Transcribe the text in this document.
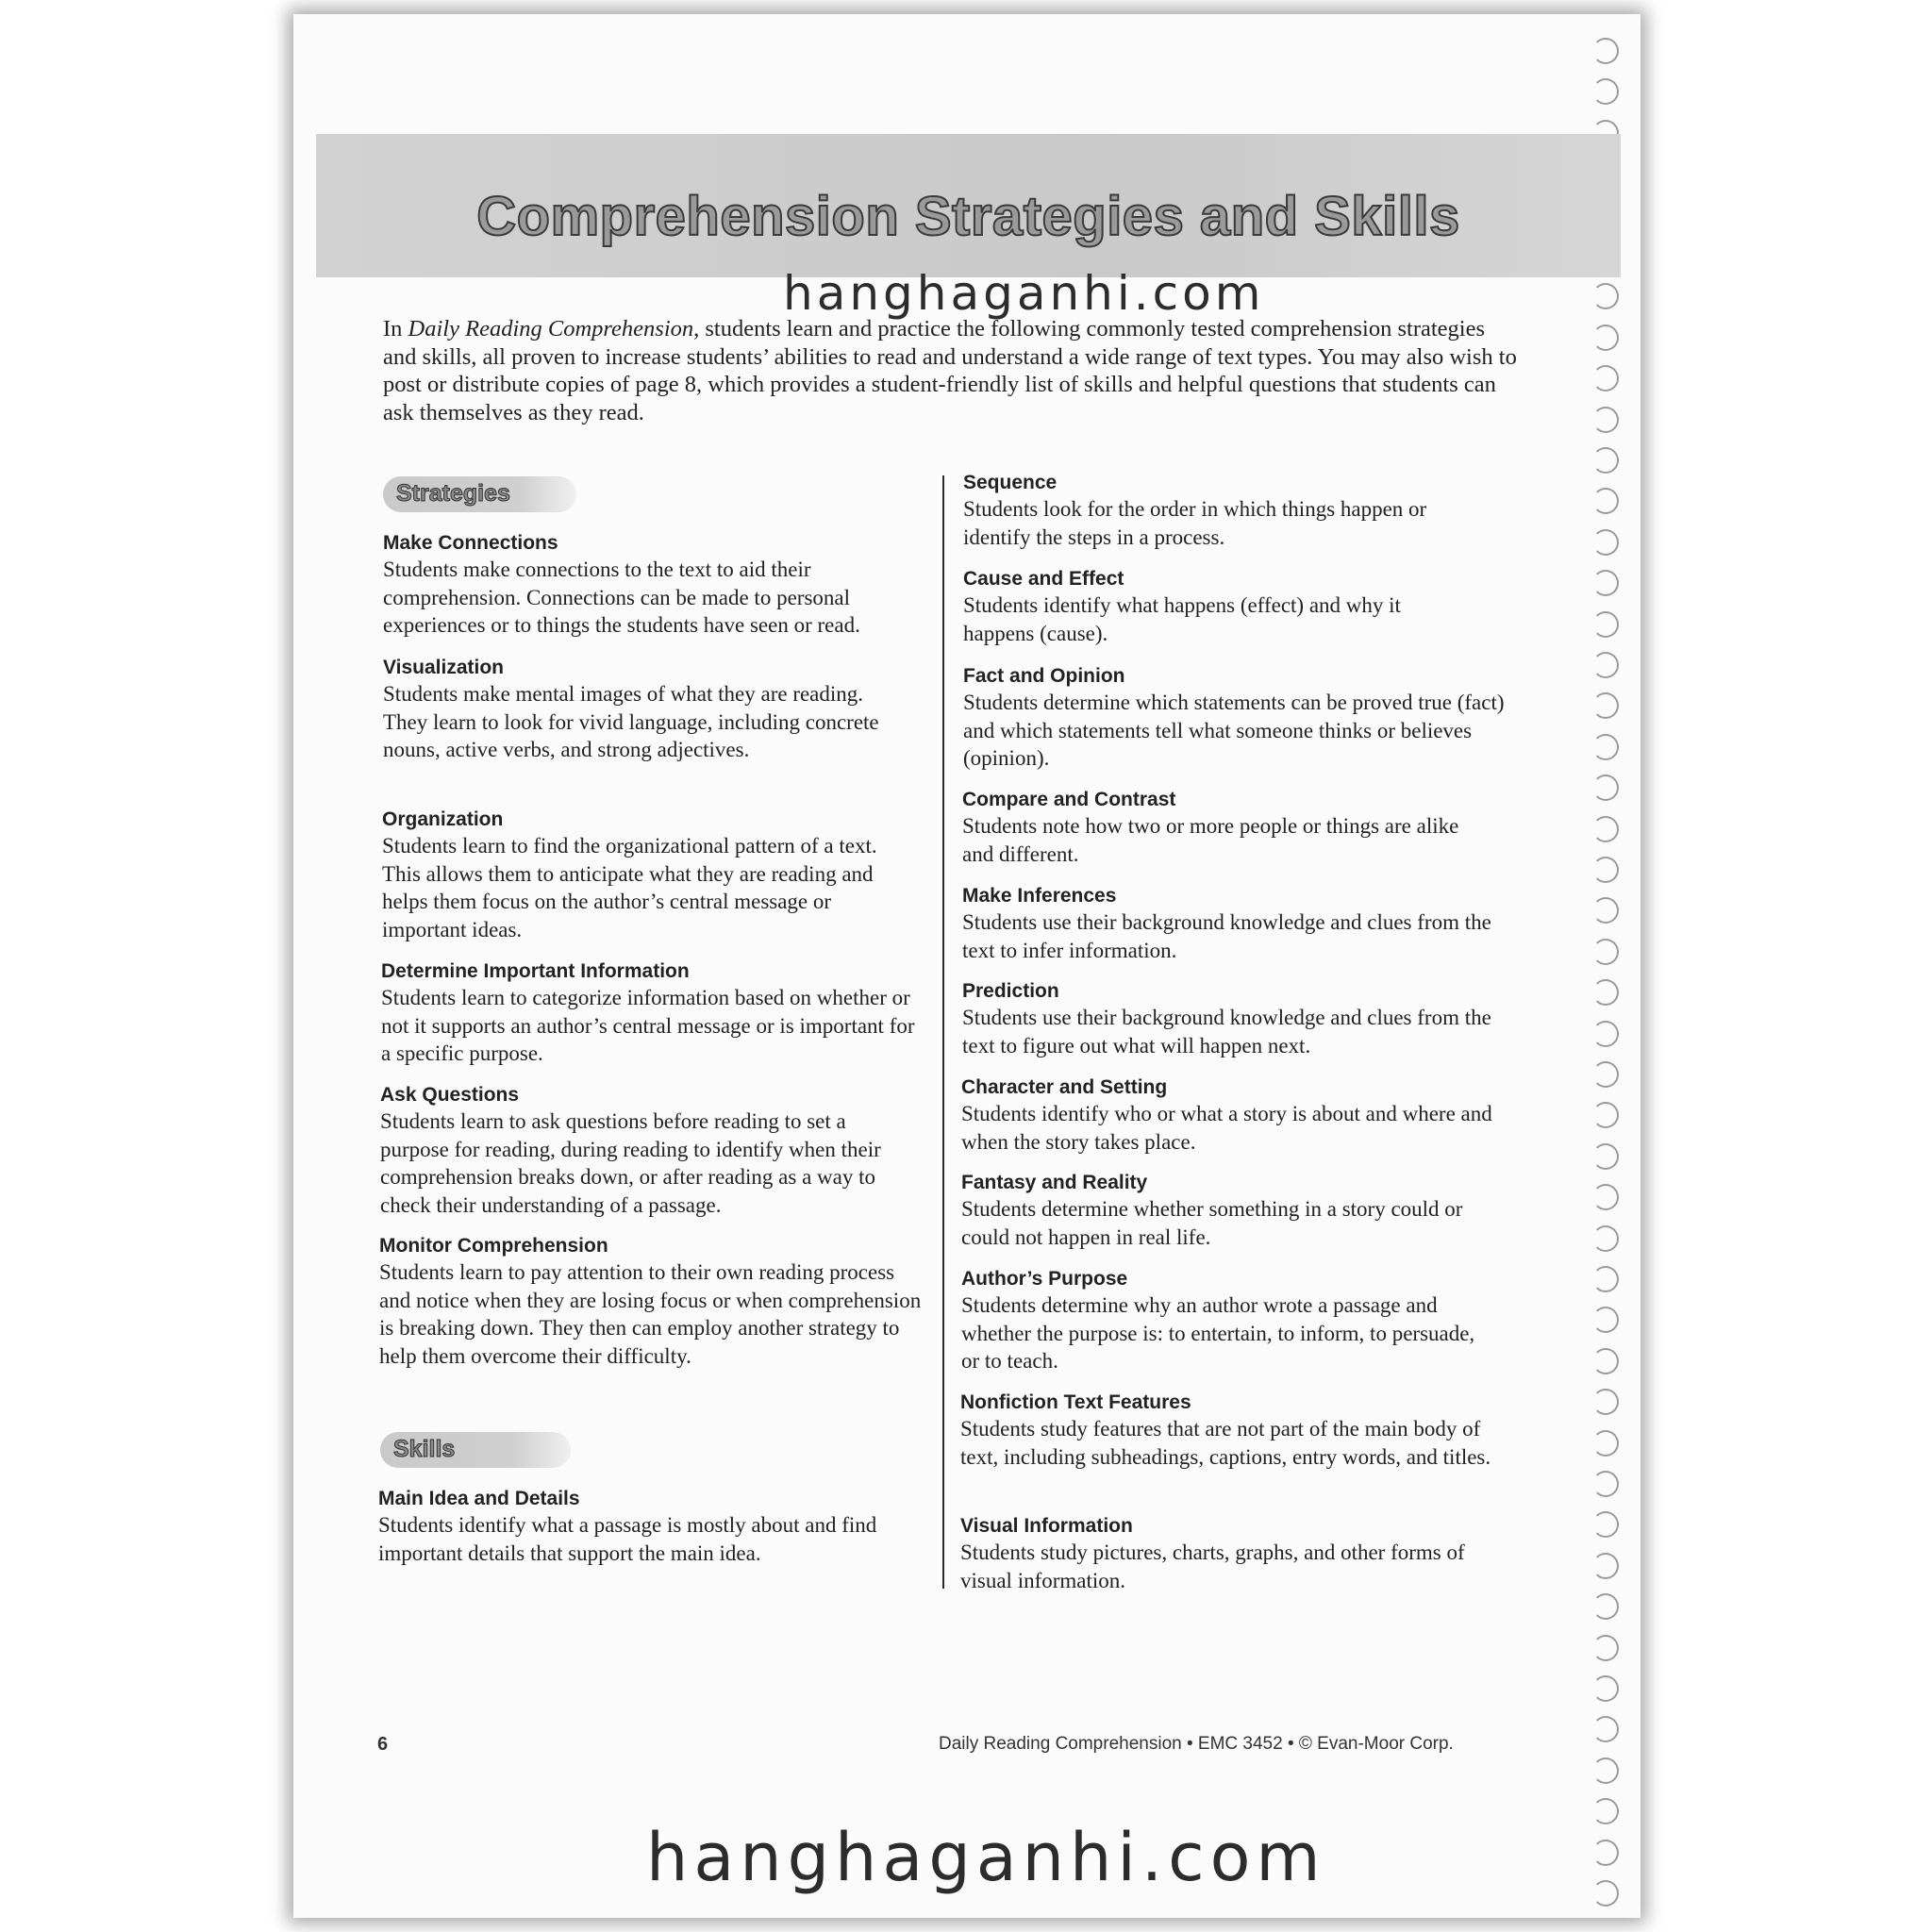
Comprehension Strategies and Skills
hanghaganhi.com
In Daily Reading Comprehension, students learn and practice the following commonly tested comprehension strategies and skills, all proven to increase students’ abilities to read and understand a wide range of text types. You may also wish to post or distribute copies of page 8, which provides a student-friendly list of skills and helpful questions that students can ask themselves as they read.
Strategies
Make Connections

Students make connections to the text to aid their comprehension. Connections can be made to personal experiences or to things the students have seen or read.

Visualization

Students make mental images of what they are reading. They learn to look for vivid language, including concrete nouns, active verbs, and strong adjectives.

Organization

Students learn to find the organizational pattern of a text. This allows them to anticipate what they are reading and helps them focus on the author’s central message or important ideas.

Determine Important Information

Students learn to categorize information based on whether or not it supports an author’s central message or is important for a specific purpose.

Ask Questions

Students learn to ask questions before reading to set a purpose for reading, during reading to identify when their comprehension breaks down, or after reading as a way to check their understanding of a passage.

Monitor Comprehension

Students learn to pay attention to their own reading process and notice when they are losing focus or when comprehension is breaking down. They then can employ another strategy to help them overcome their difficulty.

Main Idea and Details

Students identify what a passage is mostly about and find important details that support the main idea.

Skills
Sequence

Students look for the order in which things happen or identify the steps in a process.

Cause and Effect

Students identify what happens (effect) and why it happens (cause).

Fact and Opinion

Students determine which statements can be proved true (fact) and which statements tell what someone thinks or believes (opinion).

Compare and Contrast

Students note how two or more people or things are alike and different.

Make Inferences

Students use their background knowledge and clues from the text to infer information.

Prediction

Students use their background knowledge and clues from the text to figure out what will happen next.

Character and Setting

Students identify who or what a story is about and where and when the story takes place.

Fantasy and Reality

Students determine whether something in a story could or could not happen in real life.

Author’s Purpose

Students determine why an author wrote a passage and whether the purpose is: to entertain, to inform, to persuade, or to teach.

Nonfiction Text Features

Students study features that are not part of the main body of text, including subheadings, captions, entry words, and titles.

Visual Information

Students study pictures, charts, graphs, and other forms of visual information.

6	Daily Reading Comprehension • EMC 3452 • © Evan-Moor Corp.
hanghaganhi.com
